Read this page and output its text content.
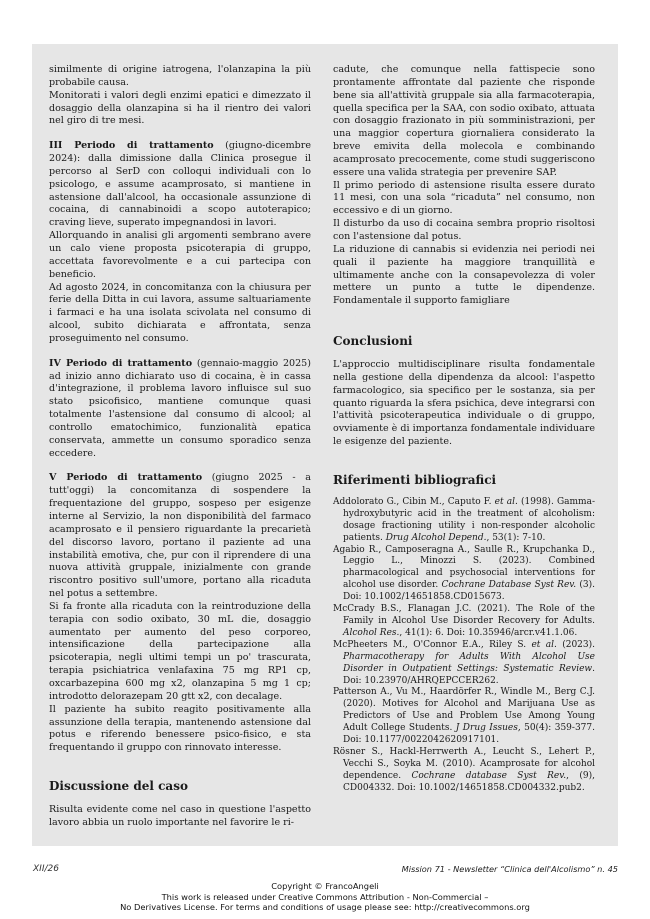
similmente di origine iatrogena, l'olanzapina la più probabile causa.

Monitorati i valori degli enzimi epatici e dimezzato il dosaggio della olanzapina si ha il rientro dei valori nel giro di tre mesi.

III Periodo di trattamento (giugno-dicembre 2024): dalla dimissione dalla Clinica prosegue il percorso al SerD con colloqui individuali con lo psicologo, e assume acamprosato, si mantiene in astensione dall'alcool, ha occasionale assunzione di cocaina, di cannabinoidi a scopo autoterapico; craving lieve, superato impegnandosi in lavori.

Allorquando in analisi gli argomenti sembrano avere un calo viene proposta psicoterapia di gruppo, accettata favorevolmente e a cui partecipa con beneficio.

Ad agosto 2024, in concomitanza con la chiusura per ferie della Ditta in cui lavora, assume saltuariamente i farmaci e ha una isolata scivolata nel consumo di alcool, subito dichiarata e affrontata, senza proseguimento nel consumo.

IV Periodo di trattamento (gennaio-maggio 2025) ad inizio anno dichiarato uso di cocaina, è in cassa d'integrazione, il problema lavoro influisce sul suo stato psicofisico, mantiene comunque quasi totalmente l'astensione dal consumo di alcool; al controllo ematochimico, funzionalità epatica conservata, ammette un consumo sporadico senza eccedere.

V Periodo di trattamento (giugno 2025 - a tutt'oggi) la concomitanza di sospendere la frequentazione del gruppo, sospeso per esigenze interne al Servizio, la non disponibilità del farmaco acamprosato e il pensiero riguardante la precarietà del discorso lavoro, portano il paziente ad una instabilità emotiva, che, pur con il riprendere di una nuova attività gruppale, inizialmente con grande riscontro positivo sull'umore, portano alla ricaduta nel potus a settembre.

Si fa fronte alla ricaduta con la reintroduzione della terapia con sodio oxibato, 30 mL die, dosaggio aumentato per aumento del peso corporeo, intensificazione della partecipazione alla psicoterapia, negli ultimi tempi un po' trascurata, terapia psichiatrica venlafaxina 75 mg RP1 cp, oxcarbazepina 600 mg x2, olanzapina 5 mg 1 cp; introdotto delorazepam 20 gtt x2, con decalage.

Il paziente ha subito reagito positivamente alla assunzione della terapia, mantenendo astensione dal potus e riferendo benessere psico-fisico, e sta frequentando il gruppo con rinnovato interesse.

Discussione del caso

Risulta evidente come nel caso in questione l'aspetto lavoro abbia un ruolo importante nel favorire le ri-

cadute, che comunque nella fattispecie sono prontamente affrontate dal paziente che risponde bene sia all'attività gruppale sia alla farmacoterapia, quella specifica per la SAA, con sodio oxibato, attuata con dosaggio frazionato in più somministrazioni, per una maggior copertura giornaliera considerato la breve emivita della molecola e combinando acamprosato precocemente, come studi suggeriscono essere una valida strategia per prevenire SAP.

Il primo periodo di astensione risulta essere durato 11 mesi, con una sola “ricaduta” nel consumo, non eccessivo e di un giorno.

Il disturbo da uso di cocaina sembra proprio risoltosi con l'astensione dal potus.

La riduzione di cannabis si evidenzia nei periodi nei quali il paziente ha maggiore tranquillità e ultimamente anche con la consapevolezza di voler mettere un punto a tutte le dipendenze. Fondamentale il supporto famigliare

Conclusioni

L'approccio multidisciplinare risulta fondamentale nella gestione della dipendenza da alcool: l'aspetto farmacologico, sia specifico per le sostanza, sia per quanto riguarda la sfera psichica, deve integrarsi con l'attività psicoterapeutica individuale o di gruppo, ovviamente è di importanza fondamentale individuare le esigenze del paziente.

Riferimenti bibliografici

Addolorato G., Cibin M., Caputo F. et al. (1998). Gamma-hydroxybutyric acid in the treatment of alcoholism: dosage fractioning utility i non-responder alcoholic patients. Drug Alcohol Depend., 53(1): 7-10.

Agabio R., Camposeragna A., Saulle R., Krupchanka D., Leggio L., Minozzi S. (2023). Combined pharmacological and psychosocial interventions for alcohol use disorder. Cochrane Database Syst Rev. (3). Doi: 10.1002/14651858.CD015673.

McCrady B.S., Flanagan J.C. (2021). The Role of the Family in Alcohol Use Disorder Recovery for Adults. Alcohol Res., 41(1): 6. Doi: 10.35946/arcr.v41.1.06.

McPheeters M., O'Connor E.A., Riley S. et al. (2023). Pharmacotherapy for Adults With Alcohol Use Disorder in Outpatient Settings: Systematic Review. Doi: 10.23970/AHRQEPCCER262.

Patterson A., Vu M., Haardörfer R., Windle M., Berg C.J. (2020). Motives for Alcohol and Marijuana Use as Predictors of Use and Problem Use Among Young Adult College Students. J Drug Issues, 50(4): 359-377. Doi: 10.1177/0022042620917101.

Rösner S., Hackl-Herrwerth A., Leucht S., Lehert P., Vecchi S., Soyka M. (2010). Acamprosate for alcohol dependence. Cochrane database Syst Rev., (9), CD004332. Doi: 10.1002/14651858.CD004332.pub2.

XII/26	Mission 71 - Newsletter “Clinica dell'Alcolismo” n. 45
Copyright © FrancoAngeli
This work is released under Creative Commons Attribution - Non-Commercial –
No Derivatives License. For terms and conditions of usage please see: http://creativecommons.org
